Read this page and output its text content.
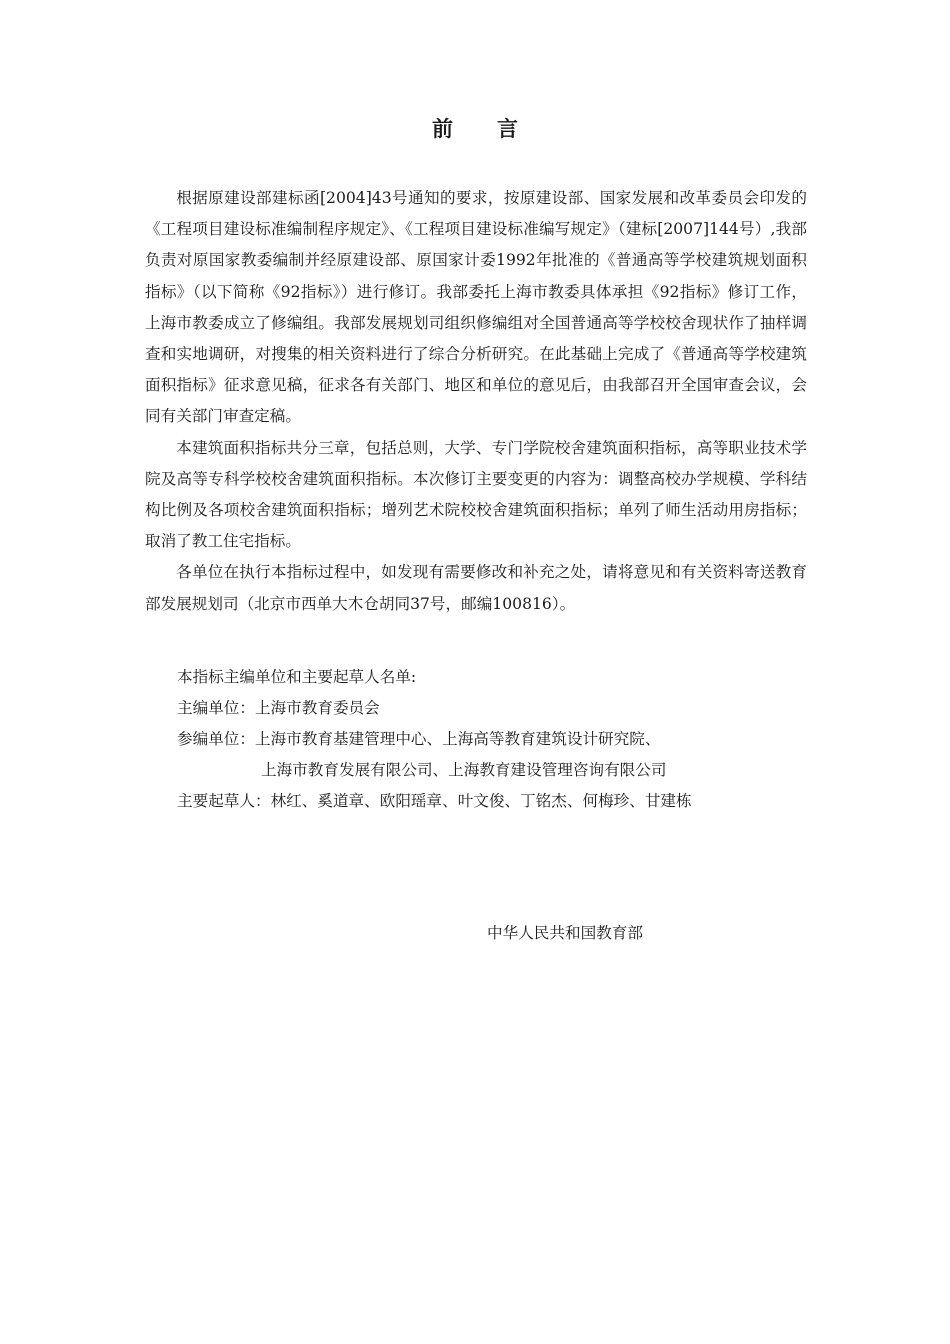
前言

根据原建设部建标函[2004]43号通知的要求，按原建设部、国家发展和改革委员会印发的《工程项目建设标准编制程序规定》、《工程项目建设标准编写规定》（建标[2007]144号）,我部负责对原国家教委编制并经原建设部、原国家计委1992年批准的《普通高等学校建筑规划面积指标》（以下简称《92指标》）进行修订。我部委托上海市教委具体承担《92指标》修订工作，上海市教委成立了修编组。我部发展规划司组织修编组对全国普通高等学校校舍现状作了抽样调查和实地调研，对搜集的相关资料进行了综合分析研究。在此基础上完成了《普通高等学校建筑面积指标》征求意见稿，征求各有关部门、地区和单位的意见后，由我部召开全国审查会议，会同有关部门审查定稿。

本建筑面积指标共分三章，包括总则，大学、专门学院校舍建筑面积指标，高等职业技术学院及高等专科学校校舍建筑面积指标。本次修订主要变更的内容为：调整高校办学规模、学科结构比例及各项校舍建筑面积指标；增列艺术院校校舍建筑面积指标；单列了师生活动用房指标；取消了教工住宅指标。

各单位在执行本指标过程中，如发现有需要修改和补充之处，请将意见和有关资料寄送教育部发展规划司（北京市西单大木仓胡同37号，邮编100816）。

本指标主编单位和主要起草人名单:
主编单位：上海市教育委员会
参编单位：上海市教育基建管理中心、上海高等教育建筑设计研究院、
上海市教育发展有限公司、上海教育建设管理咨询有限公司
主要起草人：林红、奚道章、欧阳瑶章、叶文俊、丁铭杰、何梅珍、甘建栋
中华人民共和国教育部
